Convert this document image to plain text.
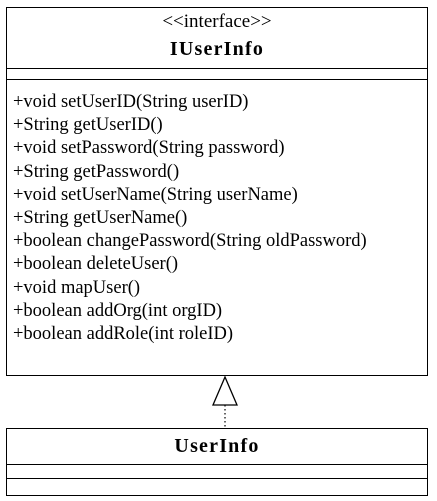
<<interface>>
IUserInfo
+void setUserID(String userID)
+String getUserID()
+void setPassword(String password)
+String getPassword()
+void setUserName(String userName)
+String getUserName()
+boolean changePassword(String oldPassword)
+boolean deleteUser()
+void mapUser()
+boolean addOrg(int orgID)
+boolean addRole(int roleID)
UserInfo
